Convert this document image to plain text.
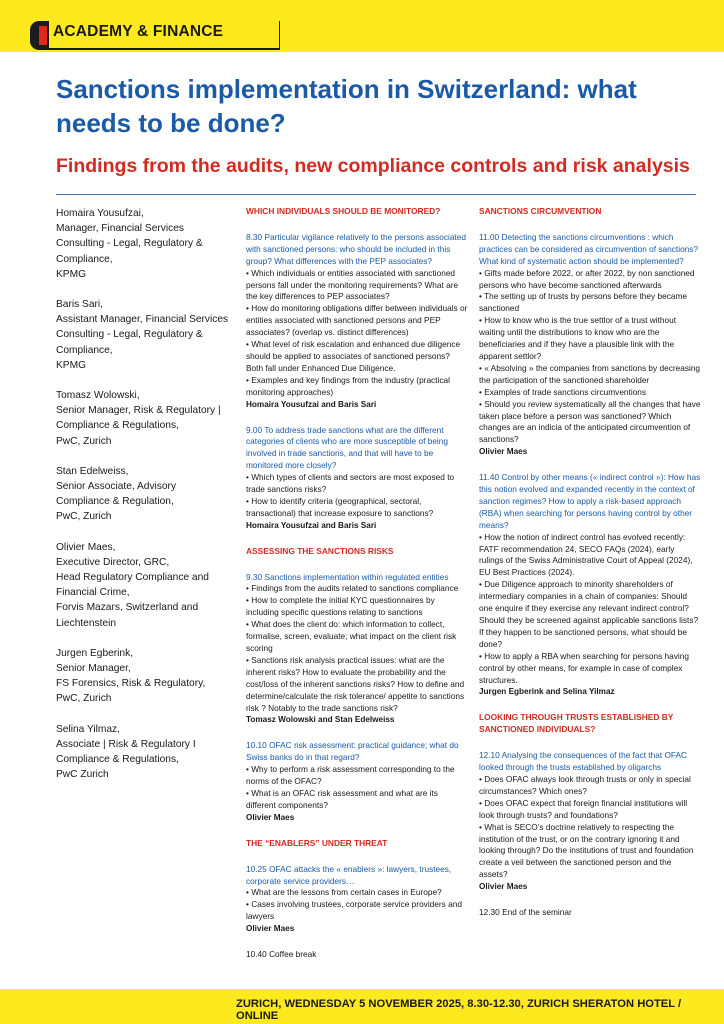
ACADEMY & FINANCE
Sanctions implementation in Switzerland: what needs to be done?
Findings from the audits, new compliance controls and risk analysis
Homaira Yousufzai,
Manager, Financial Services
Consulting - Legal, Regulatory &
Compliance,
KPMG
Baris Sari,
Assistant Manager, Financial Services
Consulting - Legal, Regulatory &
Compliance,
KPMG
Tomasz Wolowski,
Senior Manager, Risk & Regulatory |
Compliance & Regulations,
PwC, Zurich
Stan Edelweiss,
Senior Associate, Advisory
Compliance & Regulation,
PwC, Zurich
Olivier Maes,
Executive Director, GRC,
Head Regulatory Compliance and
Financial Crime,
Forvis Mazars, Switzerland and
Liechtenstein
Jurgen Egberink,
Senior Manager,
FS Forensics, Risk & Regulatory,
PwC, Zurich
Selina Yilmaz,
Associate | Risk & Regulatory I
Compliance & Regulations,
PwC Zurich
WHICH INDIVIDUALS SHOULD BE MONITORED?
8.30 Particular vigilance relatively to the persons associated with sanctioned persons: who should be included in this group? What differences with the PEP associates?
• Which individuals or entities associated with sanctioned persons fall under the monitoring requirements? What are the key differences to PEP associates?
• How do monitoring obligations differ between individuals or entities associated with sanctioned persons and PEP associates? (overlap vs. distinct differences)
• What level of risk escalation and enhanced due diligence should be applied to associates of sanctioned persons? Both fall under Enhanced Due Diligence.
• Examples and key findings from the industry (practical monitoring approaches)
Homaira Yousufzai and Baris Sari
9.00 To address trade sanctions what are the different categories of clients who are more susceptible of being involved in trade sanctions, and that will have to be monitored more closely?
• Which types of clients and sectors are most exposed to trade sanctions risks?
• How to identify criteria (geographical, sectoral, transactional) that increase exposure to sanctions?
Homaira Yousufzai and Baris Sari
ASSESSING THE SANCTIONS RISKS
9.30 Sanctions implementation within regulated entities
• Findings from the audits related to sanctions compliance
• How to complete the initial KYC questionnaires by including specific questions relating to sanctions
• What does the client do: which information to collect, formalise, screen, evaluate; what impact on the client risk scoring
• Sanctions risk analysis practical issues: what are the inherent risks? How to evaluate the probability and the cost/loss of the inherent sanctions risks? How to define and determine/calculate the risk tolerance/ appetite to sanctions risk ? Notably to the trade sanctions risk?
Tomasz Wolowski and Stan Edelweiss
10.10 OFAC risk assessment: practical guidance; what do Swiss banks do in that regard?
• Why to perform a risk assessment corresponding to the norms of the OFAC?
• What is an OFAC risk assessment and what are its different components?
Olivier Maes
THE “ENABLERS” UNDER THREAT
10.25 OFAC attacks the « enablers »: lawyers, trustees, corporate service providers…
• What are the lessons from certain cases in Europe?
• Cases involving trustees, corporate service providers and lawyers
Olivier Maes
10.40 Coffee break
SANCTIONS CIRCUMVENTION
11.00 Detecting the sanctions circumventions : which practices can be considered as circumvention of sanctions? What kind of systematic action should be implemented?
• Gifts made before 2022, or after 2022, by non sanctioned persons who have become sanctioned afterwards
• The setting up of trusts by persons before they became sanctioned
• How to know who is the true settlor of a trust without waiting until the distributions to know who are the beneficiaries and if they have a plausible link with the apparent settlor?
• « Absolving » the companies from sanctions by decreasing the participation of the sanctioned shareholder
• Examples of trade sanctions circumventions
• Should you review systematically all the changes that have taken place before a person was sanctioned? Which changes are an indicia of the anticipated circumvention of sanctions?
Olivier Maes
11.40 Control by other means (« indirect control »): How has this notion evolved and expanded recently in the context of sanction regimes? How to apply a risk-based approach (RBA) when searching for persons having control by other means?
• How the notion of indirect control has evolved recently: FATF recommendation 24, SECO FAQs (2024), early rulings of the Swiss Administrative Court of Appeal (2024), EU Best Practices (2024).
• Due Diligence approach to minority shareholders of intermediary companies in a chain of companies: Should one enquire if they exercise any relevant indirect control? Should they be screened against applicable sanctions lists? If they happen to be sanctioned persons, what should be done?
• How to apply a RBA when searching for persons having control by other means, for example in case of complex structures.
Jurgen Egberink and Selina Yilmaz
LOOKING THROUGH TRUSTS ESTABLISHED BY SANCTIONED INDIVIDUALS?
12.10 Analysing the consequences of the fact that OFAC looked through the trusts established by oligarchs
• Does OFAC always look through trusts or only in special circumstances? Which ones?
• Does OFAC expect that foreign financial institutions will look through trusts? and foundations?
• What is SECO’s doctrine relatively to respecting the institution of the trust, or on the contrary ignoring it and looking through? Do the institutions of trust and foundation create a veil between the sanctioned person and the assets?
Olivier Maes
12.30 End of the seminar
ZURICH, WEDNESDAY 5 NOVEMBER 2025, 8.30-12.30, ZURICH SHERATON HOTEL / ONLINE
